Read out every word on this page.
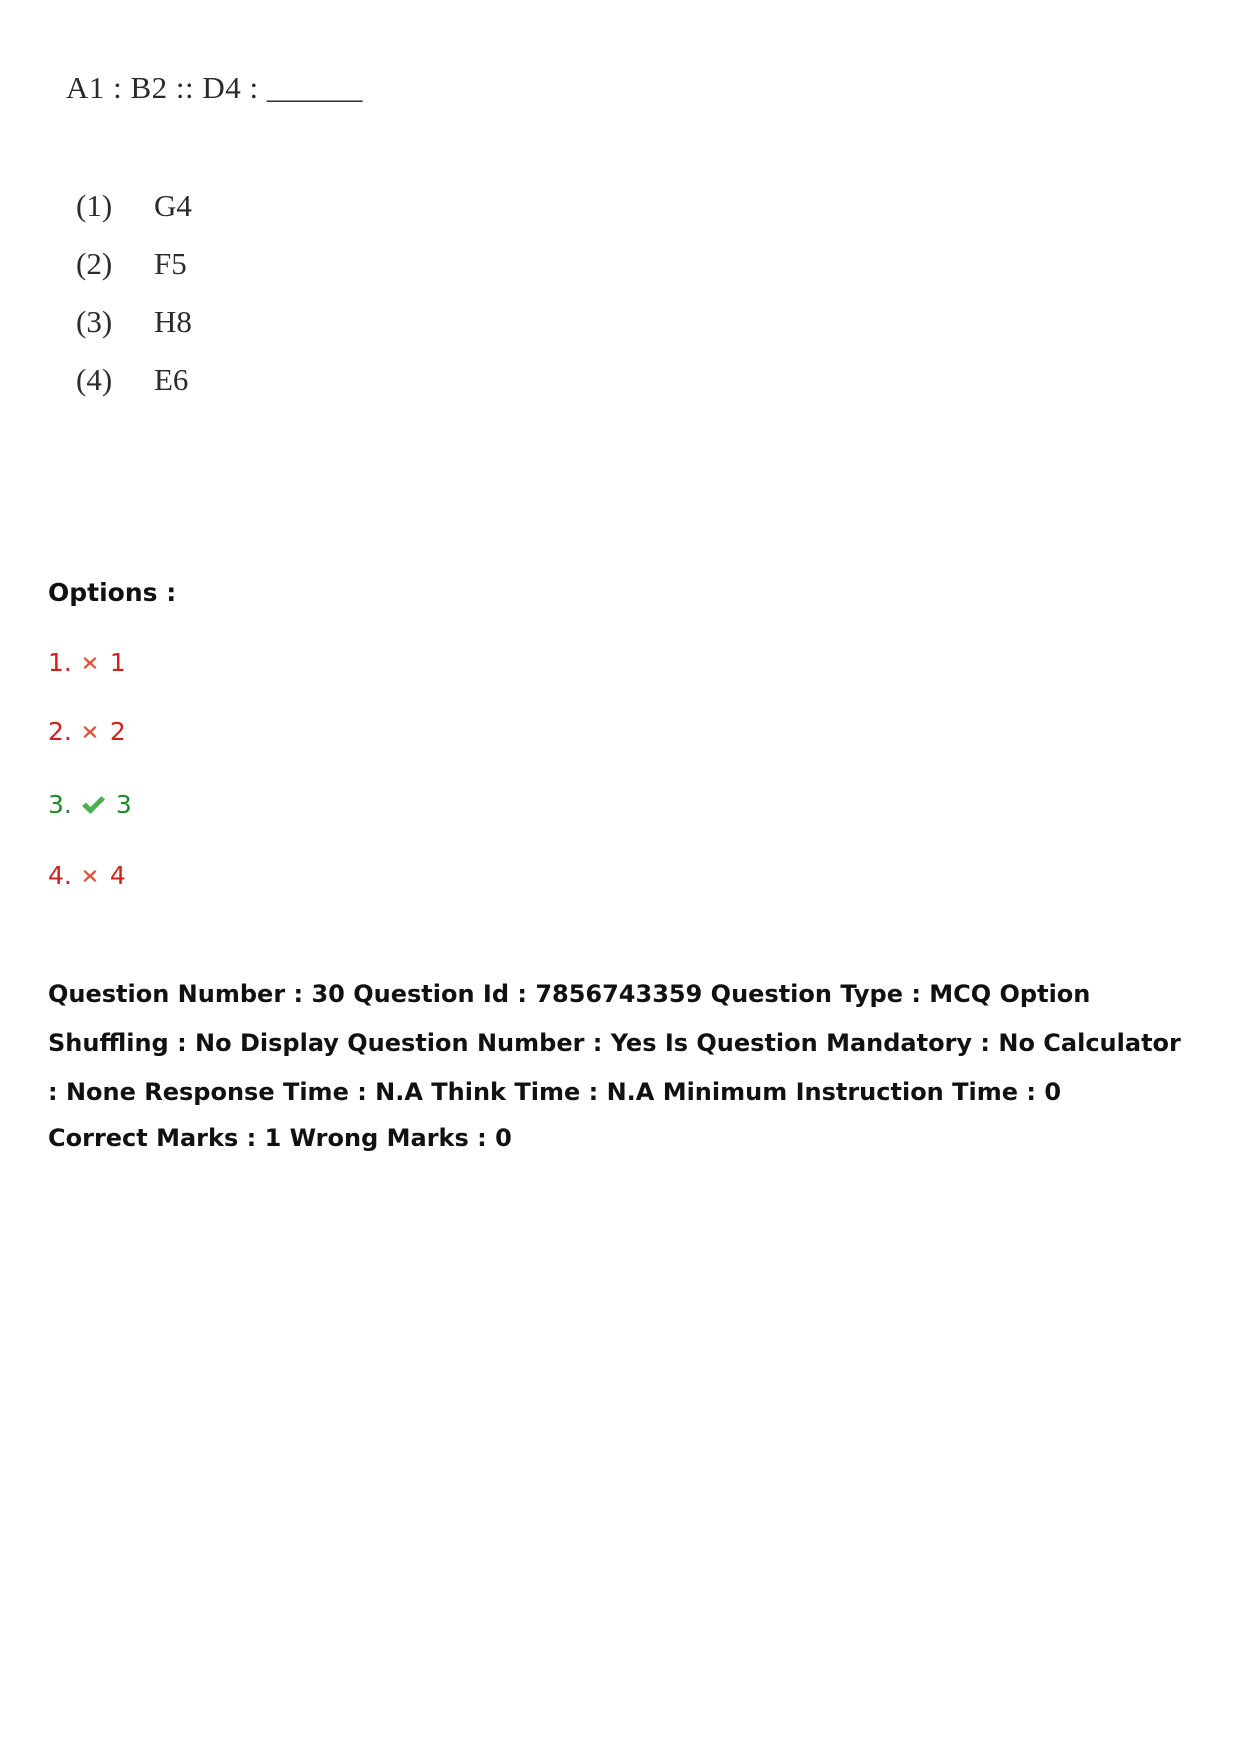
A1 : B2 :: D4 : ______
(1) G4
(2) F5
(3) H8
(4) E6
Options :
1. 1
2. 2
3. 3
4. 4
Question Number : 30 Question Id : 7856743359 Question Type : MCQ Option Shuffling : No Display Question Number : Yes Is Question Mandatory : No Calculator : None Response Time : N.A Think Time : N.A Minimum Instruction Time : 0
Correct Marks : 1 Wrong Marks : 0
